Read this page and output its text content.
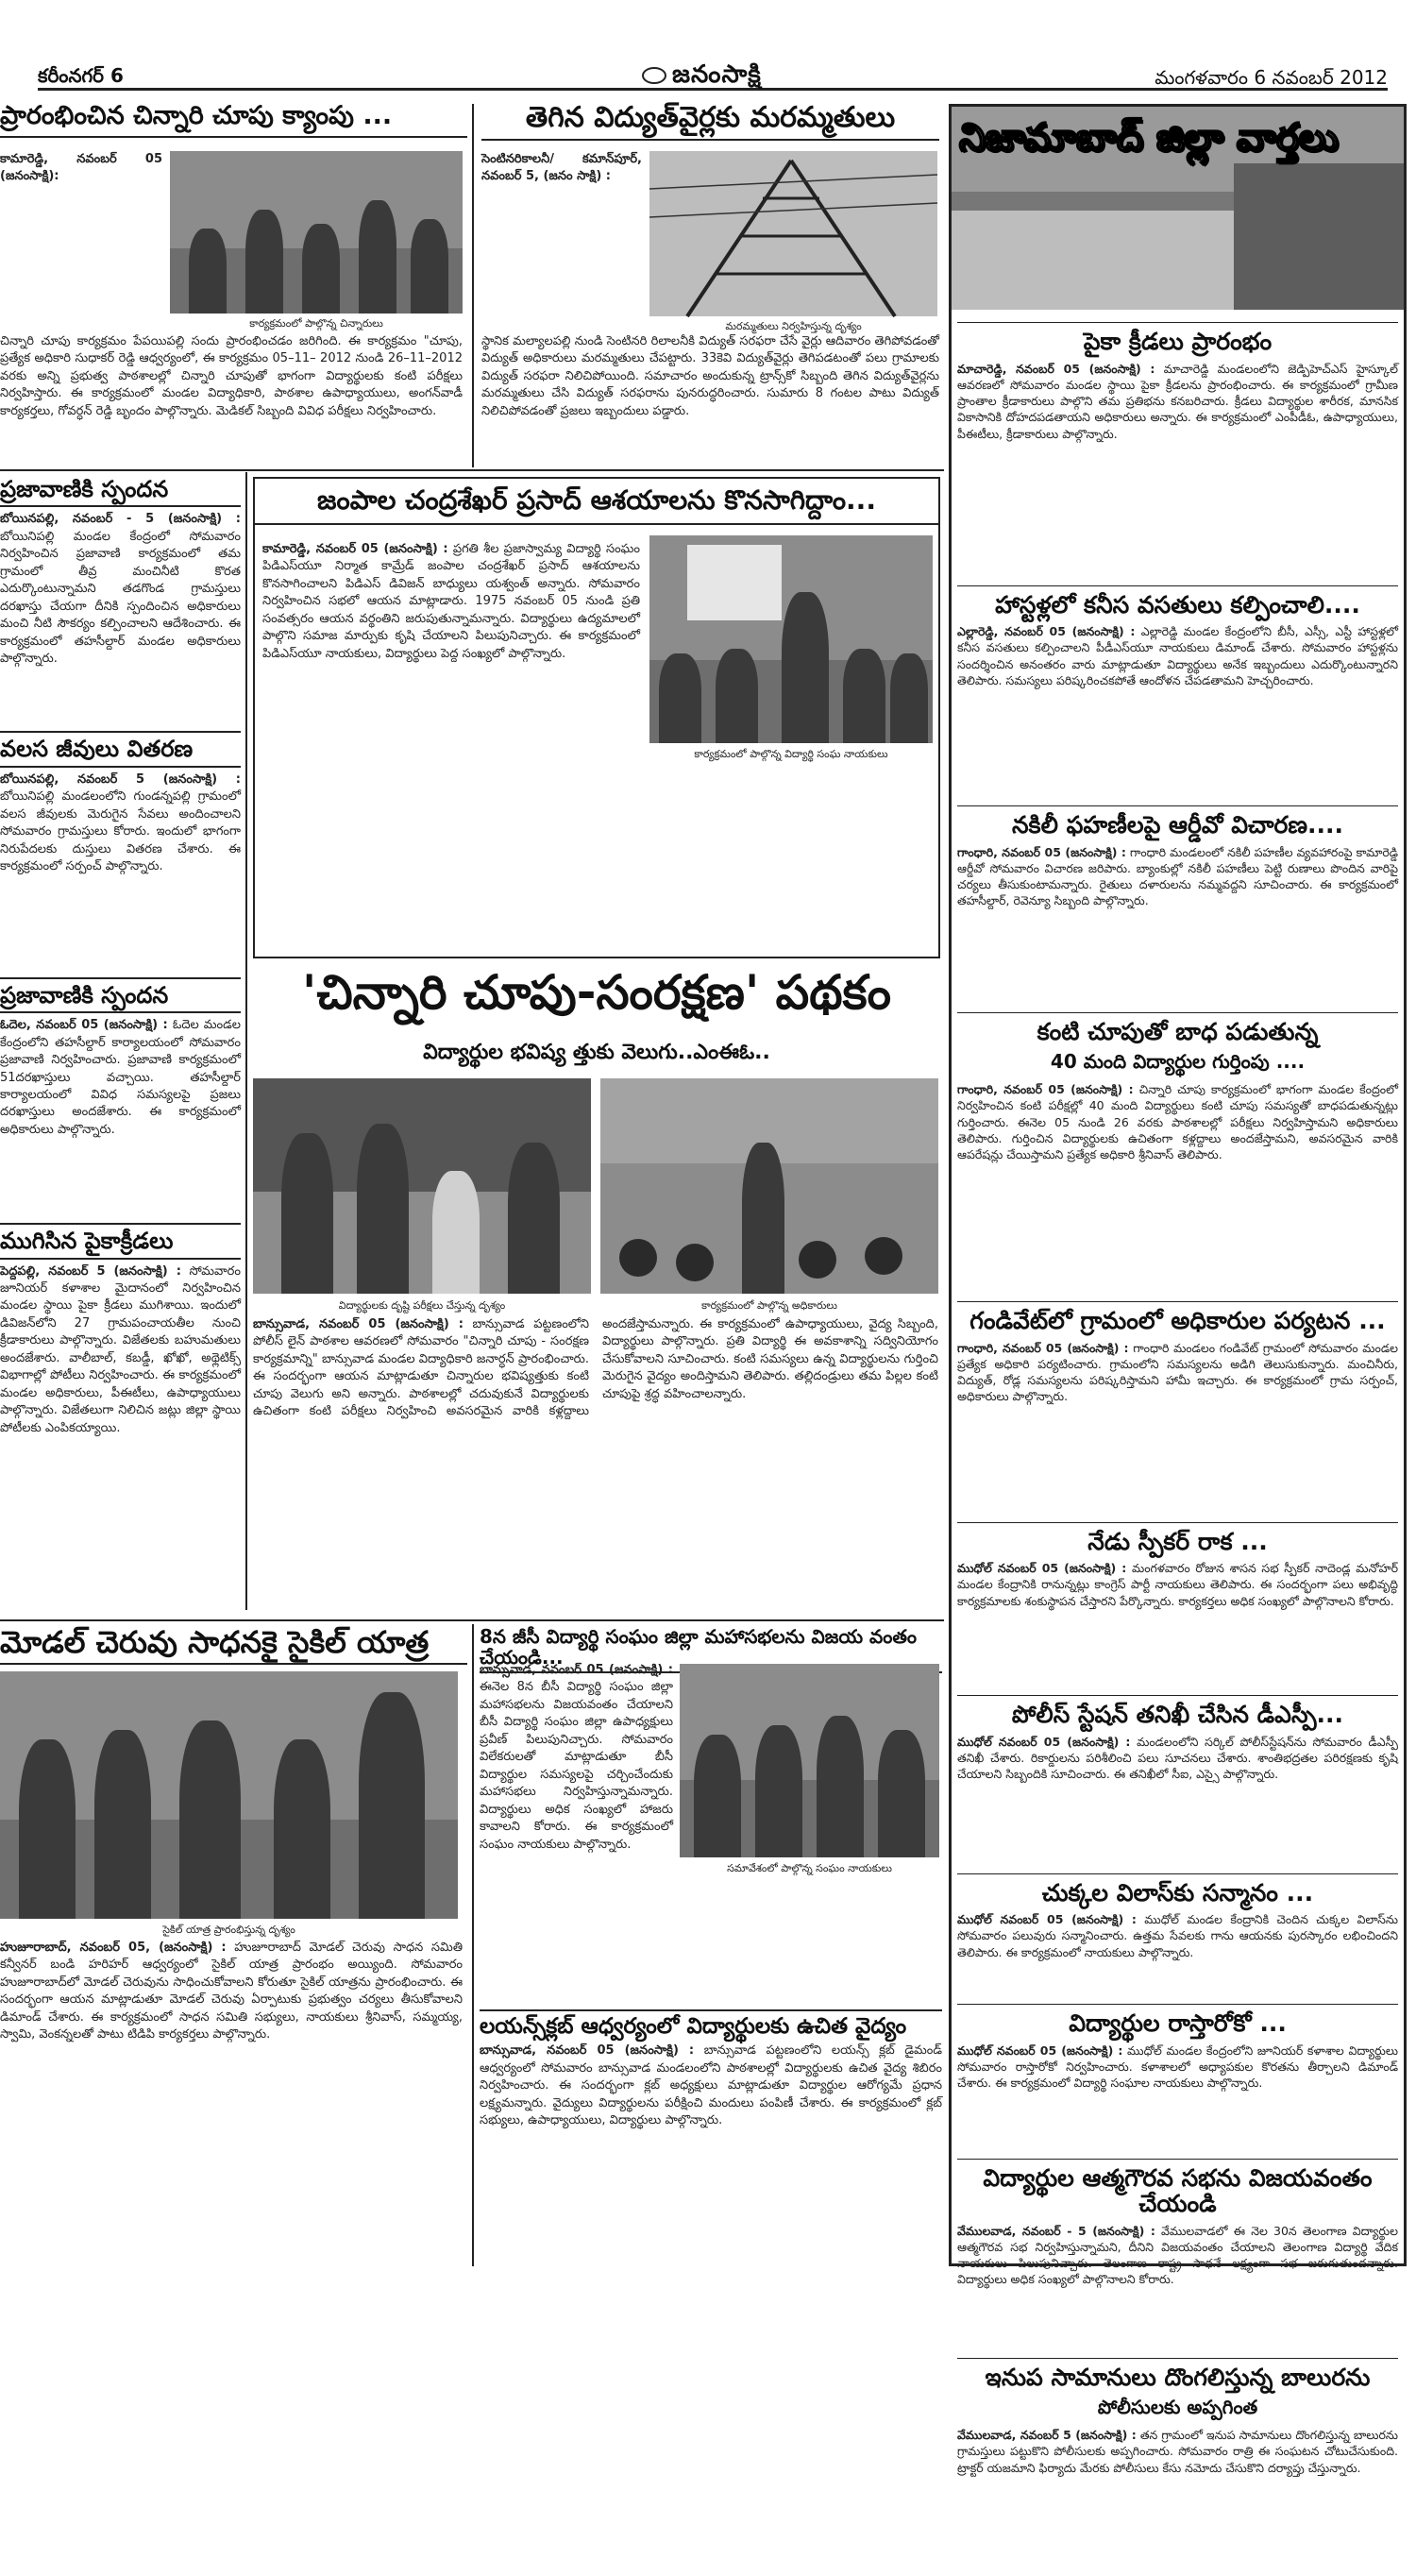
కరీంనగర్ 6	జనంసాక్షి	మంగళవారం 6 నవంబర్ 2012
ప్రారంభించిన చిన్నారి చూపు క్యాంపు ...
కార్యక్రమంలో పాల్గొన్న చిన్నారులు
కామారెడ్డి, నవంబర్ 05 (జనంసాక్షి):
చిన్నారి చూపు కార్యక్రమం పేపయిపల్లి సందు ప్రారంభించడం జరిగింది. ఈ కార్యక్రమం "చూపు, ప్రత్యేక అధికారి సుధాకర్ రెడ్డి ఆధ్వర్యంలో, ఈ కార్యక్రమం 05–11– 2012 నుండి 26–11–2012 వరకు అన్ని ప్రభుత్వ పాఠశాలల్లో చిన్నారి చూపుతో భాగంగా విద్యార్థులకు కంటి పరీక్షలు నిర్వహిస్తారు. ఈ కార్యక్రమంలో మండల విద్యాధికారి, పాఠశాల ఉపాధ్యాయులు, అంగన్‌వాడీ కార్యకర్తలు, గోవర్ధన్ రెడ్డి బృందం పాల్గొన్నారు. మెడికల్ సిబ్బంది వివిధ పరీక్షలు నిర్వహించారు.
తెగిన విద్యుత్‌వైర్లకు మరమ్మతులు
సెంటినరికాలనీ/ కమాన్‌పూర్, నవంబర్ 5, (జనం సాక్షి) :
మరమ్మతులు నిర్వహిస్తున్న దృశ్యం
స్థానిక మల్యాలపల్లి నుండి సెంటినరి రిలాలనీకి విద్యుత్ సరఫరా చేసే వైర్లు ఆదివారం తెగిపోవడంతో విద్యుత్ అధికారులు మరమ్మతులు చేపట్టారు. 33కెవి విద్యుత్‌వైర్లు తెగిపడటంతో పలు గ్రామాలకు విద్యుత్ సరఫరా నిలిచిపోయింది. సమాచారం అందుకున్న ట్రాన్స్‌కో సిబ్బంది తెగిన విద్యుత్‌వైర్లను మరమ్మతులు చేసి విద్యుత్ సరఫరాను పునరుద్ధరించారు. సుమారు 8 గంటల పాటు విద్యుత్ నిలిచిపోవడంతో ప్రజలు ఇబ్బందులు పడ్డారు.
ప్రజావాణికి స్పందన
బోయినపల్లి, నవంబర్ - 5 (జనంసాక్షి) : బోయినిపల్లి మండల కేంద్రంలో సోమవారం నిర్వహించిన ప్రజావాణి కార్యక్రమంలో తమ గ్రామంలో తీవ్ర మంచినీటి కొరత ఎదుర్కొంటున్నామని తడగొండ గ్రామస్తులు దరఖాస్తు చేయగా దీనికి స్పందించిన అధికారులు మంచి నీటి సౌకర్యం కల్పించాలని ఆదేశించారు. ఈ కార్యక్రమంలో తహసీల్దార్ మండల అధికారులు పాల్గొన్నారు.
వలస జీవులు వితరణ
బోయినపల్లి, నవంబర్ 5 (జనంసాక్షి) : బోయినిపల్లి మండలంలోని గుండన్నపల్లి గ్రామంలో వలస జీవులకు మెరుగైన సేవలు అందించాలని సోమవారం గ్రామస్తులు కోరారు. ఇందులో భాగంగా నిరుపేదలకు దుస్తులు వితరణ చేశారు. ఈ కార్యక్రమంలో సర్పంచ్ పాల్గొన్నారు.
ప్రజావాణికి స్పందన
ఓదెల, నవంబర్ 05 (జనంసాక్షి) : ఓదెల మండల కేంద్రంలోని తహసీల్దార్ కార్యాలయంలో సోమవారం ప్రజావాణి నిర్వహించారు. ప్రజావాణి కార్యక్రమంలో 51దరఖాస్తులు వచ్చాయి. తహసీల్దార్ కార్యాలయంలో వివిధ సమస్యలపై ప్రజలు దరఖాస్తులు అందజేశారు. ఈ కార్యక్రమంలో అధికారులు పాల్గొన్నారు.
ముగిసిన పైకాక్రీడలు
పెద్దపల్లి, నవంబర్ 5 (జనంసాక్షి) : సోమవారం జూనియర్ కళాశాల మైదానంలో నిర్వహించిన మండల స్థాయి పైకా క్రీడలు ముగిశాయి. ఇందులో డివిజన్‌లోని 27 గ్రామపంచాయతీల నుంచి క్రీడాకారులు పాల్గొన్నారు. విజేతలకు బహుమతులు అందజేశారు. వాలీబాల్, కబడ్డీ, ఖోఖో, అథ్లెటిక్స్ విభాగాల్లో పోటీలు నిర్వహించారు. ఈ కార్యక్రమంలో మండల అధికారులు, పీఈటీలు, ఉపాధ్యాయులు పాల్గొన్నారు. విజేతలుగా నిలిచిన జట్లు జిల్లా స్థాయి పోటీలకు ఎంపికయ్యాయి.
జంపాల చంద్రశేఖర్ ప్రసాద్ ఆశయాలను కొనసాగిద్దాం...
కామారెడ్డి, నవంబర్ 05 (జనంసాక్షి) : ప్రగతి శీల ప్రజాస్వామ్య విద్యార్థి సంఘం పిడిఎస్‌యూ నిర్మాత కామ్రేడ్ జంపాల చంద్రశేఖర్ ప్రసాద్ ఆశయాలను కొనసాగించాలని పిడిఎస్ డివిజన్ బాధ్యులు యశ్వంత్ అన్నారు. సోమవారం నిర్వహించిన సభలో ఆయన మాట్లాడారు. 1975 నవంబర్ 05 నుండి ప్రతి సంవత్సరం ఆయన వర్థంతిని జరుపుతున్నామన్నారు. విద్యార్థులు ఉద్యమాలలో పాల్గొని సమాజ మార్పుకు కృషి చేయాలని పిలుపునిచ్చారు. ఈ కార్యక్రమంలో పిడిఎస్‌యూ నాయకులు, విద్యార్థులు పెద్ద సంఖ్యలో పాల్గొన్నారు.
కార్యక్రమంలో పాల్గొన్న విద్యార్థి సంఘ నాయకులు
'చిన్నారి చూపు-సంరక్షణ' పథకం
విద్యార్థుల భవిష్య త్తుకు వెలుగు..ఎంఈఓ..
విద్యార్థులకు దృష్టి పరీక్షలు చేస్తున్న దృశ్యం	కార్యక్రమంలో పాల్గొన్న అధికారులు
బాన్సువాడ, నవంబర్ 05 (జనంసాక్షి) : బాన్సువాడ పట్టణంలోని పోలీస్ లైన్ పాఠశాల ఆవరణలో సోమవారం "చిన్నారి చూపు - సంరక్షణ కార్యక్రమాన్ని" బాన్సువాడ మండల విద్యాధికారి జనార్ధన్ ప్రారంభించారు. ఈ సందర్భంగా ఆయన మాట్లాడుతూ చిన్నారుల భవిష్యత్తుకు కంటి చూపు వెలుగు అని అన్నారు. పాఠశాలల్లో చదువుకునే విద్యార్థులకు ఉచితంగా కంటి పరీక్షలు నిర్వహించి అవసరమైన వారికి కళ్లద్దాలు అందజేస్తామన్నారు. ఈ కార్యక్రమంలో ఉపాధ్యాయులు, వైద్య సిబ్బంది, విద్యార్థులు పాల్గొన్నారు. ప్రతి విద్యార్థి ఈ అవకాశాన్ని సద్వినియోగం చేసుకోవాలని సూచించారు. కంటి సమస్యలు ఉన్న విద్యార్థులను గుర్తించి మెరుగైన వైద్యం అందిస్తామని తెలిపారు. తల్లిదండ్రులు తమ పిల్లల కంటి చూపుపై శ్రద్ధ వహించాలన్నారు.
మోడల్ చెరువు సాధనకై సైకిల్ యాత్ర
సైకిల్ యాత్ర ప్రారంభిస్తున్న దృశ్యం
హుజూరాబాద్, నవంబర్ 05, (జనంసాక్షి) : హుజూరాబాద్ మోడల్ చెరువు సాధన సమితి కన్వీనర్ బండి హరిహర్ ఆధ్వర్యంలో సైకిల్ యాత్ర ప్రారంభం అయ్యింది. సోమవారం హుజూరాబాద్‌లో మోడల్ చెరువును సాధించుకోవాలని కోరుతూ సైకిల్ యాత్రను ప్రారంభించారు. ఈ సందర్భంగా ఆయన మాట్లాడుతూ మోడల్ చెరువు ఏర్పాటుకు ప్రభుత్వం చర్యలు తీసుకోవాలని డిమాండ్ చేశారు. ఈ కార్యక్రమంలో సాధన సమితి సభ్యులు, నాయకులు శ్రీనివాస్, సమ్మయ్య, స్వామి, వెంకన్నలతో పాటు టిడిపి కార్యకర్తలు పాల్గొన్నారు.
8న జీసీ విద్యార్థి సంఘం జిల్లా మహాసభలను విజయ వంతం చేయండి...
బాన్సువాడ, నవంబర్ 05 (జనంసాక్షి) : ఈనెల 8న బీసీ విద్యార్థి సంఘం జిల్లా మహాసభలను విజయవంతం చేయాలని బీసీ విద్యార్థి సంఘం జిల్లా ఉపాధ్యక్షులు ప్రవీణ్ పిలుపునిచ్చారు. సోమవారం విలేకరులతో మాట్లాడుతూ బీసీ విద్యార్థుల సమస్యలపై చర్చించేందుకు మహాసభలు నిర్వహిస్తున్నామన్నారు. విద్యార్థులు అధిక సంఖ్యలో హాజరు కావాలని కోరారు. ఈ కార్యక్రమంలో సంఘం నాయకులు పాల్గొన్నారు.
సమావేశంలో పాల్గొన్న సంఘం నాయకులు
లయన్స్‌క్లబ్ ఆధ్వర్యంలో విద్యార్థులకు ఉచిత వైద్యం
బాన్సువాడ, నవంబర్ 05 (జనంసాక్షి) : బాన్సువాడ పట్టణంలోని లయన్స్ క్లబ్ డైమండ్ ఆధ్వర్యంలో సోమవారం బాన్సువాడ మండలంలోని పాఠశాలల్లో విద్యార్థులకు ఉచిత వైద్య శిబిరం నిర్వహించారు. ఈ సందర్భంగా క్లబ్ అధ్యక్షులు మాట్లాడుతూ విద్యార్థుల ఆరోగ్యమే ప్రధాన లక్ష్యమన్నారు. వైద్యులు విద్యార్థులను పరీక్షించి మందులు పంపిణీ చేశారు. ఈ కార్యక్రమంలో క్లబ్ సభ్యులు, ఉపాధ్యాయులు, విద్యార్థులు పాల్గొన్నారు.
నిజామాబాద్ జిల్లా వార్తలు
పైకా క్రీడలు ప్రారంభం
మాచారెడ్డి, నవంబర్ 05 (జనంసాక్షి) : మాచారెడ్డి మండలంలోని జెడ్పిహెచ్‌ఎస్ హైస్కూల్ ఆవరణలో సోమవారం మండల స్థాయి పైకా క్రీడలను ప్రారంభించారు. ఈ కార్యక్రమంలో గ్రామీణ ప్రాంతాల క్రీడాకారులు పాల్గొని తమ ప్రతిభను కనబరిచారు. క్రీడలు విద్యార్థుల శారీరక, మానసిక వికాసానికి దోహదపడతాయని అధికారులు అన్నారు. ఈ కార్యక్రమంలో ఎంపీడీఓ, ఉపాధ్యాయులు, పీఈటీలు, క్రీడాకారులు పాల్గొన్నారు.
హాస్టళ్లలో కనీస వసతులు కల్పించాలి....
ఎల్లారెడ్డి, నవంబర్ 05 (జనంసాక్షి) : ఎల్లారెడ్డి మండల కేంద్రంలోని బీసీ, ఎస్సీ, ఎస్టీ హాస్టళ్లలో కనీస వసతులు కల్పించాలని పీడీఎస్‌యూ నాయకులు డిమాండ్ చేశారు. సోమవారం హాస్టళ్లను సందర్శించిన అనంతరం వారు మాట్లాడుతూ విద్యార్థులు అనేక ఇబ్బందులు ఎదుర్కొంటున్నారని తెలిపారు. సమస్యలు పరిష్కరించకపోతే ఆందోళన చేపడతామని హెచ్చరించారు.
నకిలీ ఫహణీలపై ఆర్డీవో విచారణ....
గాంధారి, నవంబర్ 05 (జనంసాక్షి) : గాంధారి మండలంలో నకిలీ పహణీల వ్యవహారంపై కామారెడ్డి ఆర్డీవో సోమవారం విచారణ జరిపారు. బ్యాంకుల్లో నకిలీ పహణీలు పెట్టి రుణాలు పొందిన వారిపై చర్యలు తీసుకుంటామన్నారు. రైతులు దళారులను నమ్మవద్దని సూచించారు. ఈ కార్యక్రమంలో తహసీల్దార్, రెవెన్యూ సిబ్బంది పాల్గొన్నారు.
కంటి చూపుతో బాధ పడుతున్న
40 మంది విద్యార్థుల గుర్తింపు ....
గాంధారి, నవంబర్ 05 (జనంసాక్షి) : చిన్నారి చూపు కార్యక్రమంలో భాగంగా మండల కేంద్రంలో నిర్వహించిన కంటి పరీక్షల్లో 40 మంది విద్యార్థులు కంటి చూపు సమస్యతో బాధపడుతున్నట్లు గుర్తించారు. ఈనెల 05 నుండి 26 వరకు పాఠశాలల్లో పరీక్షలు నిర్వహిస్తామని అధికారులు తెలిపారు. గుర్తించిన విద్యార్థులకు ఉచితంగా కళ్లద్దాలు అందజేస్తామని, అవసరమైన వారికి ఆపరేషన్లు చేయిస్తామని ప్రత్యేక అధికారి శ్రీనివాస్ తెలిపారు.
గండివేట్‌లో గ్రామంలో అధికారుల పర్యటన ...
గాంధారి, నవంబర్ 05 (జనంసాక్షి) : గాంధారి మండలం గండివేట్ గ్రామంలో సోమవారం మండల ప్రత్యేక అధికారి పర్యటించారు. గ్రామంలోని సమస్యలను అడిగి తెలుసుకున్నారు. మంచినీరు, విద్యుత్, రోడ్ల సమస్యలను పరిష్కరిస్తామని హామీ ఇచ్చారు. ఈ కార్యక్రమంలో గ్రామ సర్పంచ్, అధికారులు పాల్గొన్నారు.
నేడు స్పీకర్ రాక ...
ముధోల్ నవంబర్ 05 (జనంసాక్షి) : మంగళవారం రోజున శాసన సభ స్పీకర్ నాదెండ్ల మనోహర్ మండల కేంద్రానికి రానున్నట్లు కాంగ్రెస్ పార్టీ నాయకులు తెలిపారు. ఈ సందర్భంగా పలు అభివృద్ధి కార్యక్రమాలకు శంకుస్థాపన చేస్తారని పేర్కొన్నారు. కార్యకర్తలు అధిక సంఖ్యలో పాల్గొనాలని కోరారు.
పోలీస్ స్టేషన్ తనిఖీ చేసిన డీఎస్పీ...
ముధోల్ నవంబర్ 05 (జనంసాక్షి) : మండలంలోని సర్కిల్ పోలీస్‌స్టేషన్‌ను సోమవారం డీఎస్పీ తనిఖీ చేశారు. రికార్డులను పరిశీలించి పలు సూచనలు చేశారు. శాంతిభద్రతల పరిరక్షణకు కృషి చేయాలని సిబ్బందికి సూచించారు. ఈ తనిఖీలో సీఐ, ఎస్సై పాల్గొన్నారు.
చుక్కల విలాస్‌కు సన్మానం ...
ముధోల్ నవంబర్ 05 (జనంసాక్షి) : ముధోల్ మండల కేంద్రానికి చెందిన చుక్కల విలాస్‌ను సోమవారం పలువురు సన్మానించారు. ఉత్తమ సేవలకు గాను ఆయనకు పురస్కారం లభించిందని తెలిపారు. ఈ కార్యక్రమంలో నాయకులు పాల్గొన్నారు.
విద్యార్థుల రాస్తారోకో ...
ముధోల్ నవంబర్ 05 (జనంసాక్షి) : ముధోల్ మండల కేంద్రంలోని జూనియర్ కళాశాల విద్యార్థులు సోమవారం రాస్తారోకో నిర్వహించారు. కళాశాలలో అధ్యాపకుల కొరతను తీర్చాలని డిమాండ్ చేశారు. ఈ కార్యక్రమంలో విద్యార్థి సంఘాల నాయకులు పాల్గొన్నారు.
విద్యార్థుల ఆత్మగౌరవ సభను విజయవంతం చేయండి
వేములవాడ, నవంబర్ - 5 (జనంసాక్షి) : వేములవాడలో ఈ నెల 30న తెలంగాణ విద్యార్థుల ఆత్మగౌరవ సభ నిర్వహిస్తున్నామని, దీనిని విజయవంతం చేయాలని తెలంగాణ విద్యార్థి వేదిక నాయకులు పిలుపునిచ్చారు. తెలంగాణ రాష్ట్ర సాధనే లక్ష్యంగా సభ జరుగుతుందన్నారు. విద్యార్థులు అధిక సంఖ్యలో పాల్గొనాలని కోరారు.
ఇనుప సామానులు దొంగలిస్తున్న బాలురను
పోలీసులకు అప్పగింత
వేములవాడ, నవంబర్ 5 (జనంసాక్షి) : తన గ్రామంలో ఇనుప సామానులు దొంగలిస్తున్న బాలురను గ్రామస్తులు పట్టుకొని పోలీసులకు అప్పగించారు. సోమవారం రాత్రి ఈ సంఘటన చోటుచేసుకుంది. ట్రాక్టర్ యజమాని ఫిర్యాదు మేరకు పోలీసులు కేసు నమోదు చేసుకొని దర్యాప్తు చేస్తున్నారు.
